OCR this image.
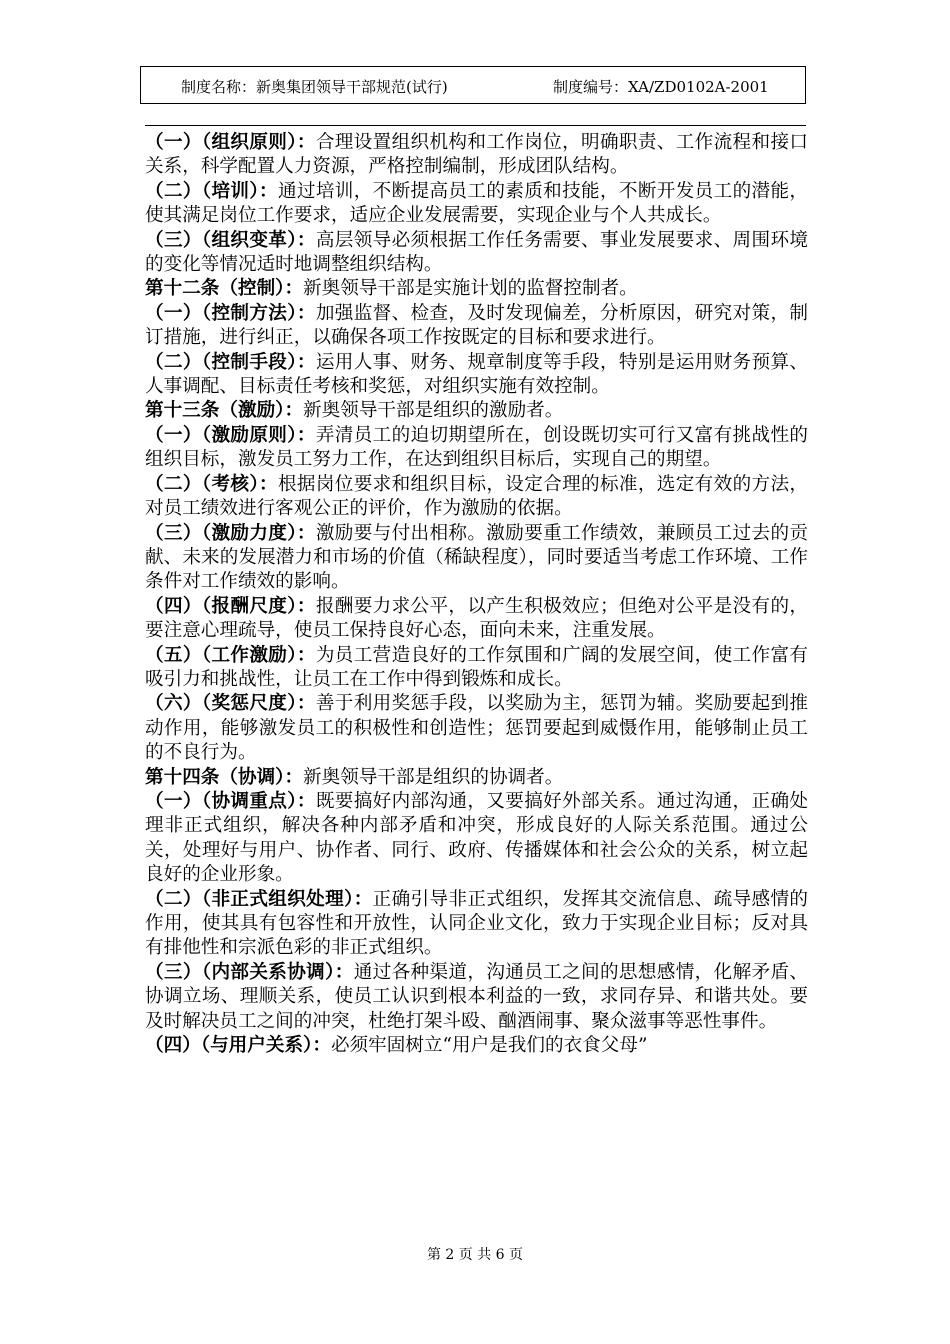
制度名称：新奥集团领导干部规范(试行)	制度编号：XA/ZD0102A-2001

（一）（组织原则）：合理设置组织机构和工作岗位，明确职责、工作流程和接口关系，科学配置人力资源，严格控制编制，形成团队结构。

（二）（培训）：通过培训，不断提高员工的素质和技能，不断开发员工的潜能，使其满足岗位工作要求，适应企业发展需要，实现企业与个人共成长。

（三）（组织变革）：高层领导必须根据工作任务需要、事业发展要求、周围环境的变化等情况适时地调整组织结构。

第十二条（控制）：新奥领导干部是实施计划的监督控制者。

（一）（控制方法）：加强监督、检查，及时发现偏差，分析原因，研究对策，制订措施，进行纠正，以确保各项工作按既定的目标和要求进行。

（二）（控制手段）：运用人事、财务、规章制度等手段，特别是运用财务预算、人事调配、目标责任考核和奖惩，对组织实施有效控制。

第十三条（激励）：新奥领导干部是组织的激励者。

（一）（激励原则）：弄清员工的迫切期望所在，创设既切实可行又富有挑战性的组织目标，激发员工努力工作，在达到组织目标后，实现自己的期望。

（二）（考核）：根据岗位要求和组织目标，设定合理的标准，选定有效的方法，对员工绩效进行客观公正的评价，作为激励的依据。

（三）（激励力度）：激励要与付出相称。激励要重工作绩效，兼顾员工过去的贡献、未来的发展潜力和市场的价值（稀缺程度），同时要适当考虑工作环境、工作条件对工作绩效的影响。

（四）（报酬尺度）：报酬要力求公平，以产生积极效应；但绝对公平是没有的，要注意心理疏导，使员工保持良好心态，面向未来，注重发展。

（五）（工作激励）：为员工营造良好的工作氛围和广阔的发展空间，使工作富有吸引力和挑战性，让员工在工作中得到锻炼和成长。

（六）（奖惩尺度）：善于利用奖惩手段，以奖励为主，惩罚为辅。奖励要起到推动作用，能够激发员工的积极性和创造性；惩罚要起到威慑作用，能够制止员工的不良行为。

第十四条（协调）：新奥领导干部是组织的协调者。

（一）（协调重点）：既要搞好内部沟通，又要搞好外部关系。通过沟通，正确处理非正式组织，解决各种内部矛盾和冲突，形成良好的人际关系范围。通过公关，处理好与用户、协作者、同行、政府、传播媒体和社会公众的关系，树立起良好的企业形象。

（二）（非正式组织处理）：正确引导非正式组织，发挥其交流信息、疏导感情的作用，使其具有包容性和开放性，认同企业文化，致力于实现企业目标；反对具有排他性和宗派色彩的非正式组织。

（三）（内部关系协调）：通过各种渠道，沟通员工之间的思想感情，化解矛盾、协调立场、理顺关系，使员工认识到根本利益的一致，求同存异、和谐共处。要及时解决员工之间的冲突，杜绝打架斗殴、酗酒闹事、聚众滋事等恶性事件。

（四）（与用户关系）：必须牢固树立“用户是我们的衣食父母”

第 2 页 共 6 页
